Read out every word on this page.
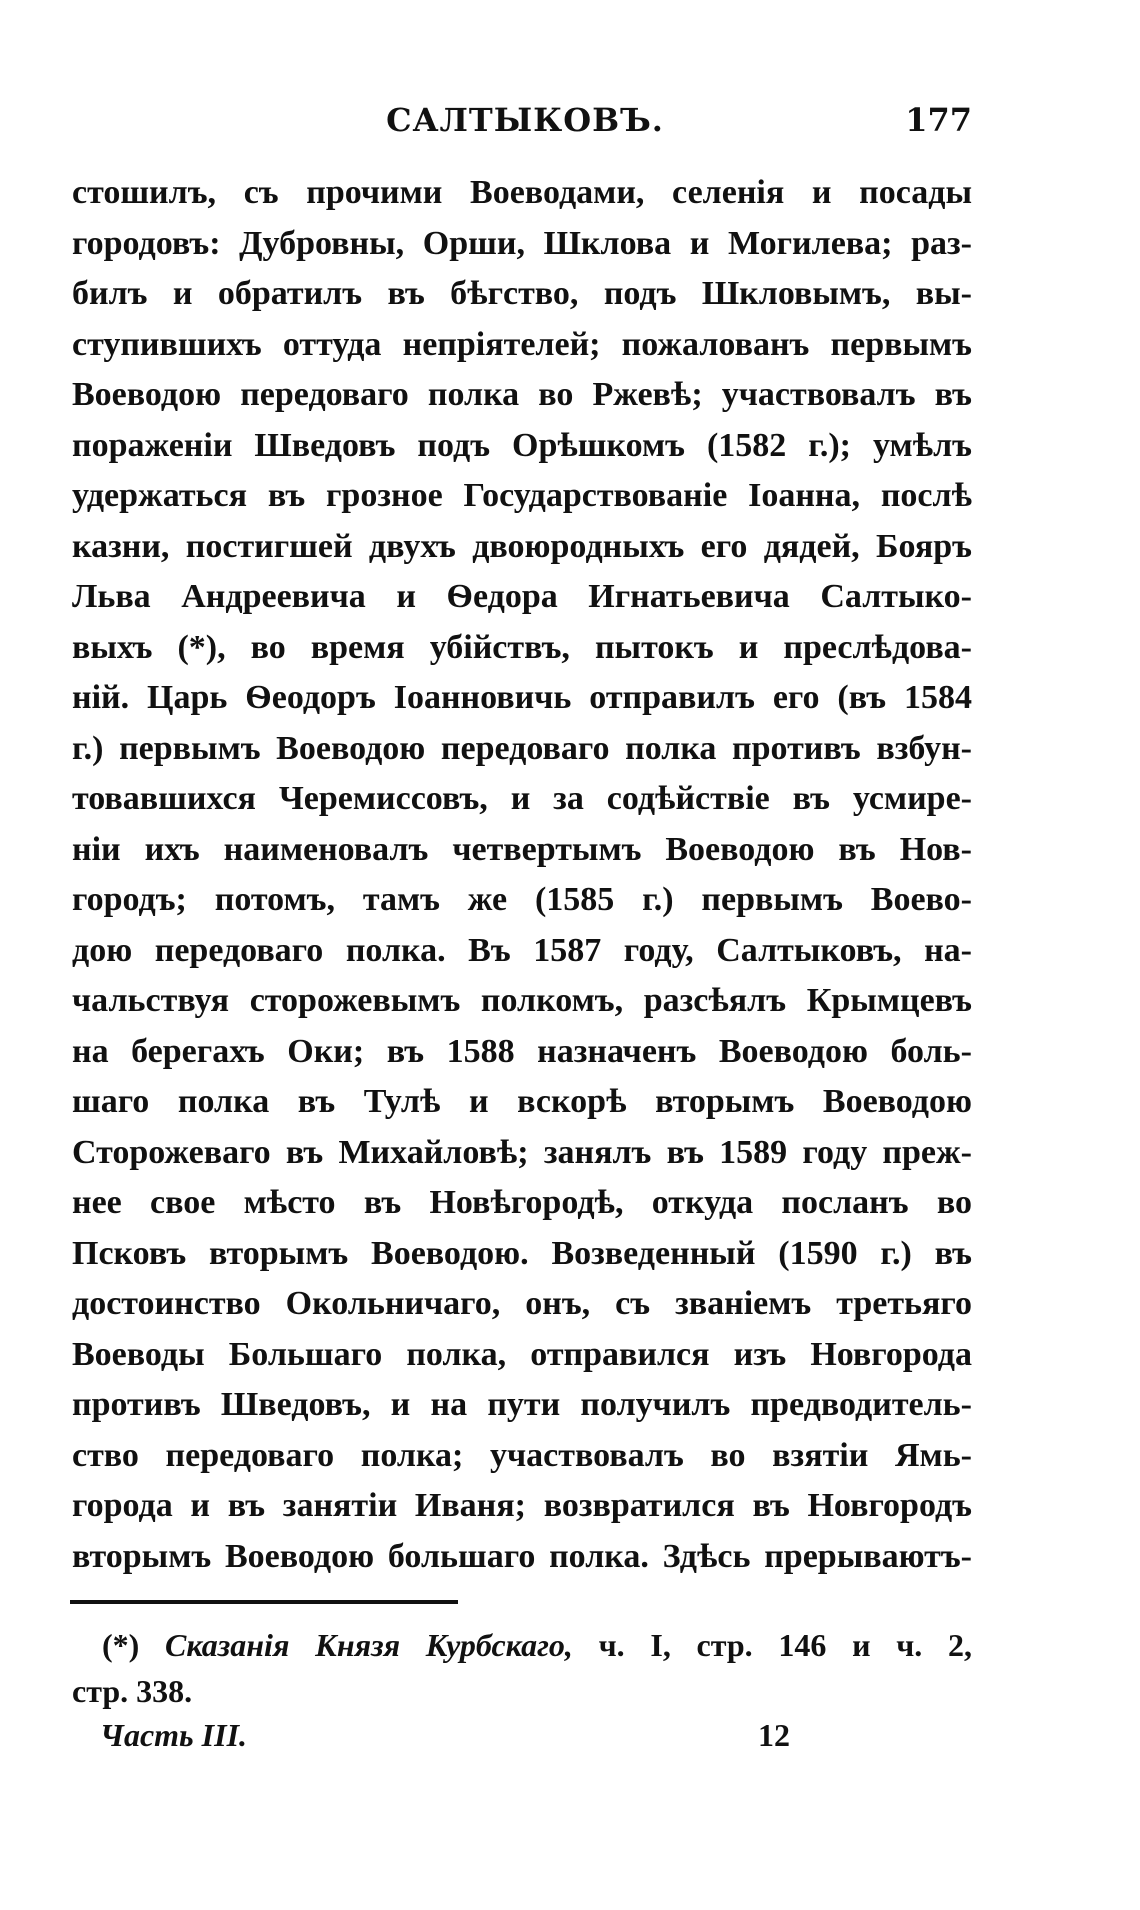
САЛТЫКОВЪ.	177
стошилъ, съ прочими Воеводами, селенія и посады
городовъ: Дубровны, Орши, Шклова и Могилева; раз-
билъ и обратилъ въ бѣгство, подъ Шкловымъ, вы-
ступившихъ оттуда непріятелей; пожалованъ первымъ
Воеводою передоваго полка во Ржевѣ; участвовалъ въ
пораженіи Шведовъ подъ Орѣшкомъ (1582 г.); умѣлъ
удержаться въ грозное Государствованіе Іоанна, послѣ
казни, постигшей двухъ двоюродныхъ его дядей, Бояръ
Льва Андреевича и Ѳедора Игнатьевича Салтыко-
выхъ (*), во время убійствъ, пытокъ и преслѣдова-
ній. Царь Ѳеодоръ Іоанновичь отправилъ его (въ 1584
г.) первымъ Воеводою передоваго полка противъ взбун-
товавшихся Черемиссовъ, и за содѣйствіе въ усмире-
ніи ихъ наименовалъ четвертымъ Воеводою въ Нов-
городъ; потомъ, тамъ же (1585 г.) первымъ Воево-
дою передоваго полка. Въ 1587 году, Салтыковъ, на-
чальствуя сторожевымъ полкомъ, разсѣялъ Крымцевъ
на берегахъ Оки; въ 1588 назначенъ Воеводою боль-
шаго полка въ Тулѣ и вскорѣ вторымъ Воеводою
Сторожеваго въ Михайловѣ; занялъ въ 1589 году преж-
нее свое мѣсто въ Новѣгородѣ, откуда посланъ во
Псковъ вторымъ Воеводою. Возведенный (1590 г.) въ
достоинство Окольничаго, онъ, съ званіемъ третьяго
Воеводы Большаго полка, отправился изъ Новгорода
противъ Шведовъ, и на пути получилъ предводитель-
ство передоваго полка; участвовалъ во взятіи Ямь-
города и въ занятіи Иваня; возвратился въ Новгородъ
вторымъ Воеводою большаго полка. Здѣсь прерываютъ-
(*) Сказанія Князя Курбскаго, ч. I, стр. 146 и ч. 2,
стр. 338.
Часть III.	12
